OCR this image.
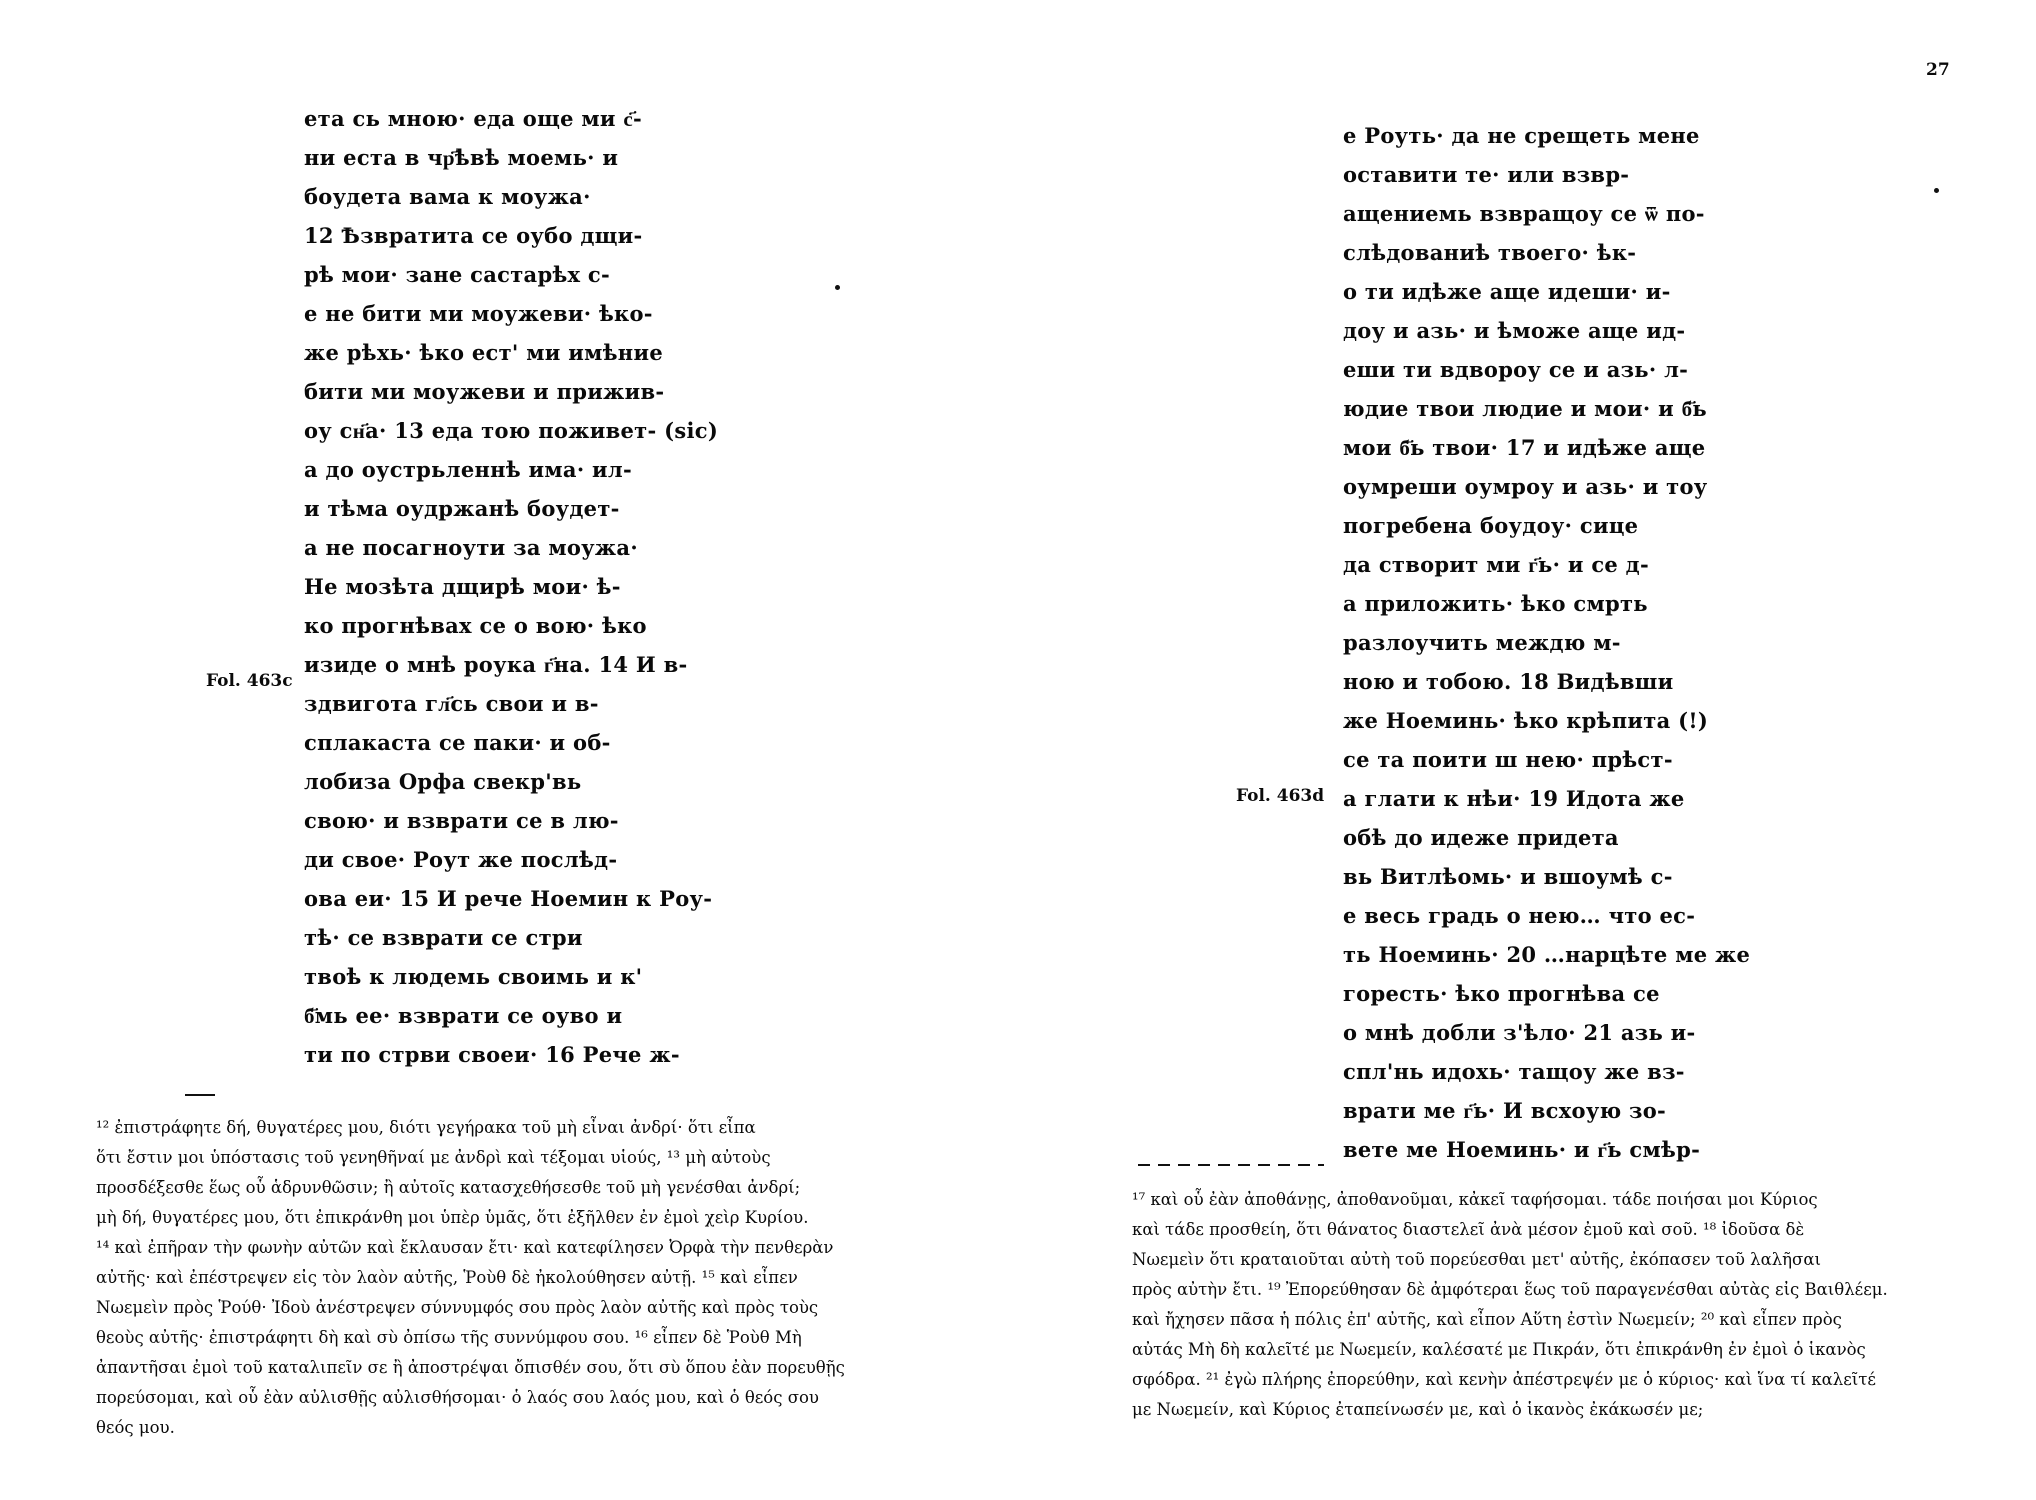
ета сь мною· еда още ми с҃-
ни еста в чр҃ѣвѣ моемь· и
боудета вама к моужа·
12 Ѣзвратита се оубо дщи-
рѣ мои· зане састарѣх с-
е не бити ми моужеви· ѣко-
же рѣхь· ѣко ест' ми имѣние
бити ми моужеви и прижив-
оу сн҃а· 13 еда тою поживет- (sic)
а до оустрьленнѣ има· ил-
и тѣма оудржанѣ боудет-
а не посагноути за моужа·
Не мозѣта дщирѣ мои· ѣ-
ко прогнѣвах се о вою· ѣко
изиде о мнѣ роука г҃на. 14 И в-
здвигота гл҃сь свои и в-
сплакаста се паки· и об-
лобиза Орфа свекр'вь
свою· и взврати се в лю-
ди свое· Роут же послѣд-
ова еи· 15 И рече Ноемин к Роу-
тѣ· се взврати се стри
твоѣ к людемь своимь и к'
б҃мь ее· взврати се оуво и
ти по стрви своеи· 16 Рече ж-
Fol. 463c
¹² ἐπιστράφητε δή, θυγατέρες μου, διότι γεγήρακα τοῦ μὴ εἶναι ἀνδρί· ὅτι εἶπα
ὅτι ἔστιν μοι ὑπόστασις τοῦ γενηθῆναί με ἀνδρὶ καὶ τέξομαι υἱούς, ¹³ μὴ αὐτοὺς
προσδέξεσθε ἕως οὗ ἁδρυνθῶσιν; ἢ αὐτοῖς κατασχεθήσεσθε τοῦ μὴ γενέσθαι ἀνδρί;
μὴ δή, θυγατέρες μου, ὅτι ἐπικράνθη μοι ὑπὲρ ὑμᾶς, ὅτι ἐξῆλθεν ἐν ἐμοὶ χεὶρ Κυρίου.
¹⁴ καὶ ἐπῆραν τὴν φωνὴν αὐτῶν καὶ ἔκλαυσαν ἔτι· καὶ κατεφίλησεν Ὀρφὰ τὴν πενθερὰν
αὐτῆς· καὶ ἐπέστρεψεν εἰς τὸν λαὸν αὐτῆς, Ῥοὺθ δὲ ἠκολούθησεν αὐτῇ. ¹⁵ καὶ εἶπεν
Νωεμεὶν πρὸς Ῥούθ· Ἰδοὺ ἀνέστρεψεν σύννυμφός σου πρὸς λαὸν αὐτῆς καὶ πρὸς τοὺς
θεοὺς αὐτῆς· ἐπιστράφητι δὴ καὶ σὺ ὀπίσω τῆς συννύμφου σου. ¹⁶ εἶπεν δὲ Ῥοὺθ Μὴ
ἀπαντῆσαι ἐμοὶ τοῦ καταλιπεῖν σε ἢ ἀποστρέψαι ὄπισθέν σου, ὅτι σὺ ὅπου ἐὰν πορευθῇς
πορεύσομαι, καὶ οὗ ἐὰν αὐλισθῇς αὐλισθήσομαι· ὁ λαός σου λαός μου, καὶ ὁ θεός σου
θεός μου.
27
е Роуть· да не срещеть мене
оставити те· или взвр-
ащениемь взвращоу се ѿ по-
слѣдованиѣ твоего· ѣк-
о ти идѣже аще идеши· и-
доу и азь· и ѣможе аще ид-
еши ти вдвороу се и азь· л-
юдие твои людие и мои· и б҃ь
мои б҃ь твои· 17 и идѣже аще
оумреши оумроу и азь· и тоу
погребена боудоу· сице
да створит ми г҃ь· и се д-
а приложить· ѣко смрть
разлоучить междю м-
ною и тобою. 18 Видѣвши
же Ноеминь· ѣко крѣпита (!)
се та поити ш нею· прѣст-
а глати к нѣи· 19 Идота же
обѣ до идеже придета
вь Витлѣомь· и вшоумѣ с-
е весь градь о нею… что ес-
ть Ноеминь· 20 …нарцѣте ме же
горесть· ѣко прогнѣва се
о мнѣ добли з'ѣло· 21 азь и-
спл'нь идохь· тащоу же вз-
врати ме г҃ь· И всхоую зо-
вете ме Ноеминь· и г҃ь смѣр-
Fol. 463d
¹⁷ καὶ οὗ ἐὰν ἀποθάνῃς, ἀποθανοῦμαι, κἀκεῖ ταφήσομαι. τάδε ποιήσαι μοι Κύριος
καὶ τάδε προσθείη, ὅτι θάνατος διαστελεῖ ἀνὰ μέσον ἐμοῦ καὶ σοῦ. ¹⁸ ἰδοῦσα δὲ
Νωεμεὶν ὅτι κραταιοῦται αὐτὴ τοῦ πορεύεσθαι μετ' αὐτῆς, ἐκόπασεν τοῦ λαλῆσαι
πρὸς αὐτὴν ἔτι. ¹⁹ Ἐπορεύθησαν δὲ ἀμφότεραι ἕως τοῦ παραγενέσθαι αὐτὰς εἰς Βαιθλέεμ.
καὶ ἤχησεν πᾶσα ἡ πόλις ἐπ' αὐτῆς, καὶ εἶπον Αὕτη ἐστὶν Νωεμείν; ²⁰ καὶ εἶπεν πρὸς
αὐτάς Μὴ δὴ καλεῖτέ με Νωεμείν, καλέσατέ με Πικράν, ὅτι ἐπικράνθη ἐν ἐμοὶ ὁ ἱκανὸς
σφόδρα. ²¹ ἐγὼ πλήρης ἐπορεύθην, καὶ κενὴν ἀπέστρεψέν με ὁ κύριος· καὶ ἵνα τί καλεῖτέ
με Νωεμείν, καὶ Κύριος ἐταπείνωσέν με, καὶ ὁ ἱκανὸς ἐκάκωσέν με;
